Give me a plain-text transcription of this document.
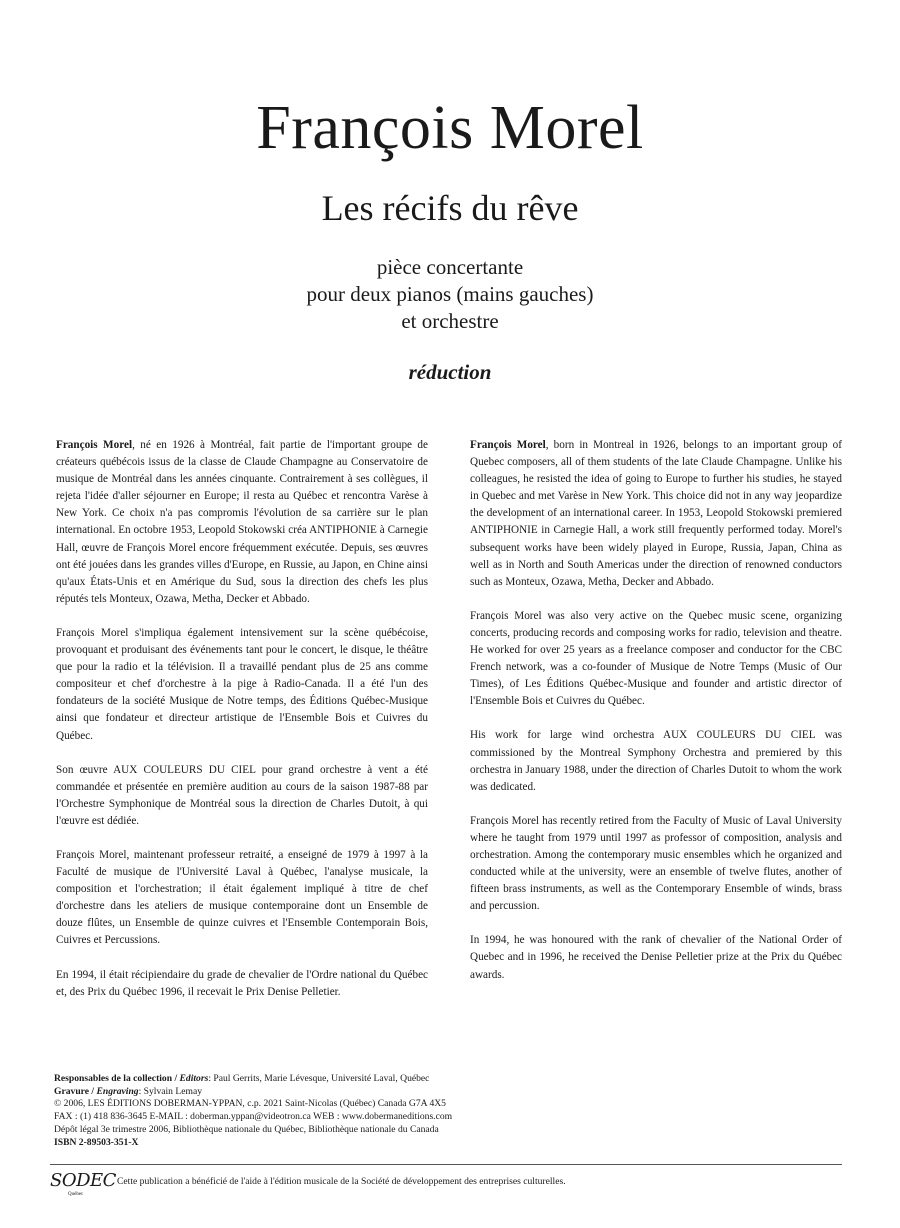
François Morel
Les récifs du rêve
pièce concertante
pour deux pianos (mains gauches)
et orchestre
réduction

François Morel, né en 1926 à Montréal, fait partie de l'important groupe de créateurs québécois issus de la classe de Claude Champagne au Conservatoire de musique de Montréal dans les années cinquante. Contrairement à ses collègues, il rejeta l'idée d'aller séjourner en Europe; il resta au Québec et rencontra Varèse à New York. Ce choix n'a pas compromis l'évolution de sa carrière sur le plan international. En octobre 1953, Leopold Stokowski créa ANTIPHONIE à Carnegie Hall, œuvre de François Morel encore fréquemment exécutée. Depuis, ses œuvres ont été jouées dans les grandes villes d'Europe, en Russie, au Japon, en Chine ainsi qu'aux États-Unis et en Amérique du Sud, sous la direction des chefs les plus réputés tels Monteux, Ozawa, Metha, Decker et Abbado.

François Morel s'impliqua également intensivement sur la scène québécoise, provoquant et produisant des événements tant pour le concert, le disque, le théâtre que pour la radio et la télévision. Il a travaillé pendant plus de 25 ans comme compositeur et chef d'orchestre à la pige à Radio-Canada. Il a été l'un des fondateurs de la société Musique de Notre temps, des Éditions Québec-Musique ainsi que fondateur et directeur artistique de l'Ensemble Bois et Cuivres du Québec.

Son œuvre AUX COULEURS DU CIEL pour grand orchestre à vent a été commandée et présentée en première audition au cours de la saison 1987-88 par l'Orchestre Symphonique de Montréal sous la direction de Charles Dutoit, à qui l'œuvre est dédiée.

François Morel, maintenant professeur retraité, a enseigné de 1979 à 1997 à la Faculté de musique de l'Université Laval à Québec, l'analyse musicale, la composition et l'orchestration; il était également impliqué à titre de chef d'orchestre dans les ateliers de musique contemporaine dont un Ensemble de douze flûtes, un Ensemble de quinze cuivres et l'Ensemble Contemporain Bois, Cuivres et Percussions.

En 1994, il était récipiendaire du grade de chevalier de l'Ordre national du Québec et, des Prix du Québec 1996, il recevait le Prix Denise Pelletier.

François Morel, born in Montreal in 1926, belongs to an important group of Quebec composers, all of them students of the late Claude Champagne. Unlike his colleagues, he resisted the idea of going to Europe to further his studies, he stayed in Quebec and met Varèse in New York. This choice did not in any way jeopardize the development of an international career. In 1953, Leopold Stokowski premiered ANTIPHONIE in Carnegie Hall, a work still frequently performed today. Morel's subsequent works have been widely played in Europe, Russia, Japan, China as well as in North and South Americas under the direction of renowned conductors such as Monteux, Ozawa, Metha, Decker and Abbado.

François Morel was also very active on the Quebec music scene, organizing concerts, producing records and composing works for radio, television and theatre. He worked for over 25 years as a freelance composer and conductor for the CBC French network, was a co-founder of Musique de Notre Temps (Music of Our Times), of Les Éditions Québec-Musique and founder and artistic director of l'Ensemble Bois et Cuivres du Québec.

His work for large wind orchestra AUX COULEURS DU CIEL was commissioned by the Montreal Symphony Orchestra and premiered by this orchestra in January 1988, under the direction of Charles Dutoit to whom the work was dedicated.

François Morel has recently retired from the Faculty of Music of Laval University where he taught from 1979 until 1997 as professor of composition, analysis and orchestration. Among the contemporary music ensembles which he organized and conducted while at the university, were an ensemble of twelve flutes, another of fifteen brass instruments, as well as the Contemporary Ensemble of winds, brass and percussion.

In 1994, he was honoured with the rank of chevalier of the National Order of Quebec and in 1996, he received the Denise Pelletier prize at the Prix du Québec awards.

Responsables de la collection / Editors: Paul Gerrits, Marie Lévesque, Université Laval, Québec
Gravure / Engraving: Sylvain Lemay
© 2006, LES ÉDITIONS DOBERMAN-YPPAN, c.p. 2021 Saint-Nicolas (Québec) Canada G7A 4X5
FAX : (1) 418 836-3645 E-MAIL : doberman.yppan@videotron.ca WEB : www.dobermaneditions.com
Dépôt légal 3e trimestre 2006, Bibliothèque nationale du Québec, Bibliothèque nationale du Canada
ISBN 2-89503-351-X
SODEC
Québec
Cette publication a bénéficié de l'aide à l'édition musicale de la Société de développement des entreprises culturelles.
